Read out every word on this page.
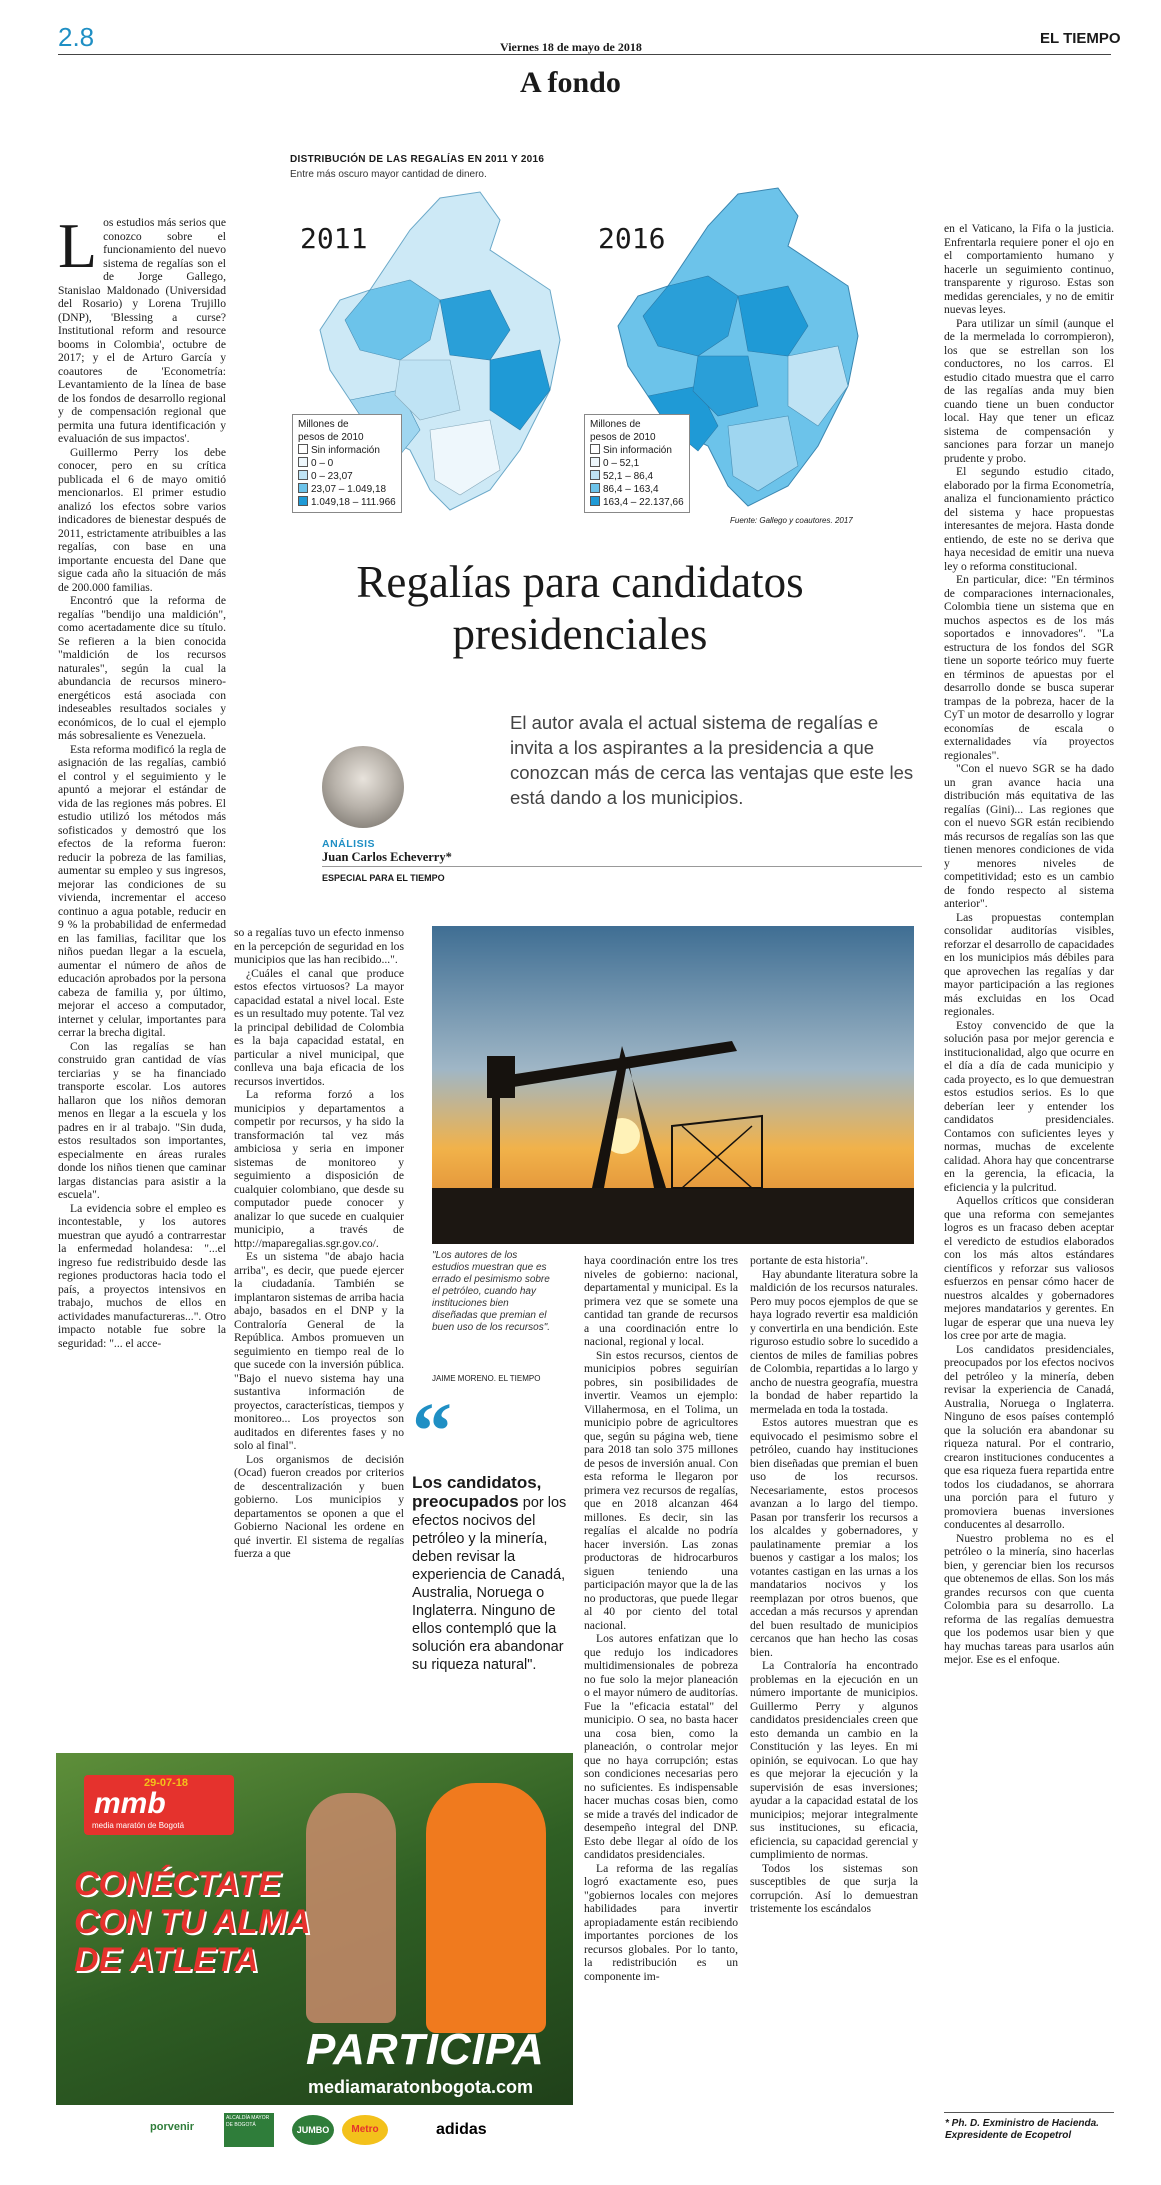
2.8	Viernes 18 de mayo de 2018	EL TIEMPO
A fondo
DISTRIBUCIÓN DE LAS REGALÍAS EN 2011 Y 2016
Entre más oscuro mayor cantidad de dinero.
2011	2016
Millones de
pesos de 2010
Sin información
0 – 0
0 – 23,07
23,07 – 1.049,18
1.049,18 – 111.966
Millones de
pesos de 2010
Sin información
0 – 52,1
52,1 – 86,4
86,4 – 163,4
163,4 – 22.137,66
Fuente: Gallego y coautores. 2017
Regalías para candidatos
presidenciales
El autor avala el actual sistema de regalías e invita a los aspirantes a la presidencia a que conozcan más de cerca las ventajas que este les está dando a los municipios.
ANÁLISIS
Juan Carlos Echeverry*
ESPECIAL PARA EL TIEMPO
L os estudios más serios que conozco sobre el funcionamiento del nuevo sistema de regalías son el de Jorge Gallego, Stanislao Maldonado (Universidad del Rosario) y Lorena Trujillo (DNP), 'Blessing a curse? Institutional reform and resource booms in Colombia', octubre de 2017; y el de Arturo García y coautores de 'Econometría: Levantamiento de la línea de base de los fondos de desarrollo regional y de compensación regional que permita una futura identificación y evaluación de sus impactos'.

Guillermo Perry los debe conocer, pero en su crítica publicada el 6 de mayo omitió mencionarlos. El primer estudio analizó los efectos sobre varios indicadores de bienestar después de 2011, estrictamente atribuibles a las regalías, con base en una importante encuesta del Dane que sigue cada año la situación de más de 200.000 familias.

Encontró que la reforma de regalías "bendijo una maldición", como acertadamente dice su título. Se refieren a la bien conocida "maldición de los recursos naturales", según la cual la abundancia de recursos minero-energéticos está asociada con indeseables resultados sociales y económicos, de lo cual el ejemplo más sobresaliente es Venezuela.

Esta reforma modificó la regla de asignación de las regalías, cambió el control y el seguimiento y le apuntó a mejorar el estándar de vida de las regiones más pobres. El estudio utilizó los métodos más sofisticados y demostró que los efectos de la reforma fueron: reducir la pobreza de las familias, aumentar su empleo y sus ingresos, mejorar las condiciones de su vivienda, incrementar el acceso continuo a agua potable, reducir en 9 % la probabilidad de enfermedad en las familias, facilitar que los niños puedan llegar a la escuela, aumentar el número de años de educación aprobados por la persona cabeza de familia y, por último, mejorar el acceso a computador, internet y celular, importantes para cerrar la brecha digital.

Con las regalías se han construido gran cantidad de vías terciarias y se ha financiado transporte escolar. Los autores hallaron que los niños demoran menos en llegar a la escuela y los padres en ir al trabajo. "Sin duda, estos resultados son importantes, especialmente en áreas rurales donde los niños tienen que caminar largas distancias para asistir a la escuela".

La evidencia sobre el empleo es incontestable, y los autores muestran que ayudó a contrarrestar la enfermedad holandesa: "...el ingreso fue redistribuido desde las regiones productoras hacia todo el país, a proyectos intensivos en trabajo, muchos de ellos en actividades manufactureras...". Otro impacto notable fue sobre la seguridad: "... el acce-

so a regalías tuvo un efecto inmenso en la percepción de seguridad en los municipios que las han recibido...".

¿Cuáles el canal que produce estos efectos virtuosos? La mayor capacidad estatal a nivel local. Este es un resultado muy potente. Tal vez la principal debilidad de Colombia es la baja capacidad estatal, en particular a nivel municipal, que conlleva una baja eficacia de los recursos invertidos.

La reforma forzó a los municipios y departamentos a competir por recursos, y ha sido la transformación tal vez más ambiciosa y seria en imponer sistemas de monitoreo y seguimiento a disposición de cualquier colombiano, que desde su computador puede conocer y analizar lo que sucede en cualquier municipio, a través de http://maparegalias.sgr.gov.co/.

Es un sistema "de abajo hacia arriba", es decir, que puede ejercer la ciudadanía. También se implantaron sistemas de arriba hacia abajo, basados en el DNP y la Contraloría General de la República. Ambos promueven un seguimiento en tiempo real de lo que sucede con la inversión pública. "Bajo el nuevo sistema hay una sustantiva información de proyectos, características, tiempos y monitoreo... Los proyectos son auditados en diferentes fases y no solo al final".

Los organismos de decisión (Ocad) fueron creados por criterios de descentralización y buen gobierno. Los municipios y departamentos se oponen a que el Gobierno Nacional les ordene en qué invertir. El sistema de regalías fuerza a que

"Los autores de los estudios muestran que es errado el pesimismo sobre el petróleo, cuando hay instituciones bien diseñadas que premian el buen uso de los recursos".
JAIME MORENO. EL TIEMPO
“
Los candidatos, preocupados por los efectos nocivos del petróleo y la minería, deben revisar la experiencia de Canadá, Australia, Noruega o Inglaterra. Ninguno de ellos contempló que la solución era abandonar su riqueza natural".

haya coordinación entre los tres niveles de gobierno: nacional, departamental y municipal. Es la primera vez que se somete una cantidad tan grande de recursos a una coordinación entre lo nacional, regional y local.

Sin estos recursos, cientos de municipios pobres seguirían pobres, sin posibilidades de invertir. Veamos un ejemplo: Villahermosa, en el Tolima, un municipio pobre de agricultores que, según su página web, tiene para 2018 tan solo 375 millones de pesos de inversión anual. Con esta reforma le llegaron por primera vez recursos de regalías, que en 2018 alcanzan 464 millones. Es decir, sin las regalías el alcalde no podría hacer inversión. Las zonas productoras de hidrocarburos siguen teniendo una participación mayor que la de las no productoras, que puede llegar al 40 por ciento del total nacional.

Los autores enfatizan que lo que redujo los indicadores multidimensionales de pobreza no fue solo la mejor planeación o el mayor número de auditorías. Fue la "eficacia estatal" del municipio. O sea, no basta hacer una cosa bien, como la planeación, o controlar mejor que no haya corrupción; estas son condiciones necesarias pero no suficientes. Es indispensable hacer muchas cosas bien, como se mide a través del indicador de desempeño integral del DNP. Esto debe llegar al oído de los candidatos presidenciales.

La reforma de las regalías logró exactamente eso, pues "gobiernos locales con mejores habilidades para invertir apropiadamente están recibiendo importantes porciones de los recursos globales. Por lo tanto, la redistribución es un componente im-

portante de esta historia".

Hay abundante literatura sobre la maldición de los recursos naturales. Pero muy pocos ejemplos de que se haya logrado revertir esa maldición y convertirla en una bendición. Este riguroso estudio sobre lo sucedido a cientos de miles de familias pobres de Colombia, repartidas a lo largo y ancho de nuestra geografía, muestra la bondad de haber repartido la mermelada en toda la tostada.

Estos autores muestran que es equivocado el pesimismo sobre el petróleo, cuando hay instituciones bien diseñadas que premian el buen uso de los recursos. Necesariamente, estos procesos avanzan a lo largo del tiempo. Pasan por transferir los recursos a los alcaldes y gobernadores, y paulatinamente premiar a los buenos y castigar a los malos; los votantes castigan en las urnas a los mandatarios nocivos y los reemplazan por otros buenos, que accedan a más recursos y aprendan del buen resultado de municipios cercanos que han hecho las cosas bien.

La Contraloría ha encontrado problemas en la ejecución en un número importante de municipios. Guillermo Perry y algunos candidatos presidenciales creen que esto demanda un cambio en la Constitución y las leyes. En mi opinión, se equivocan. Lo que hay es que mejorar la ejecución y la supervisión de esas inversiones; ayudar a la capacidad estatal de los municipios; mejorar integralmente sus instituciones, su eficacia, eficiencia, su capacidad gerencial y cumplimiento de normas.

Todos los sistemas son susceptibles de que surja la corrupción. Así lo demuestran tristemente los escándalos

en el Vaticano, la Fifa o la justicia. Enfrentarla requiere poner el ojo en el comportamiento humano y hacerle un seguimiento continuo, transparente y riguroso. Estas son medidas gerenciales, y no de emitir nuevas leyes.

Para utilizar un símil (aunque el de la mermelada lo corrompieron), los que se estrellan son los conductores, no los carros. El estudio citado muestra que el carro de las regalías anda muy bien cuando tiene un buen conductor local. Hay que tener un eficaz sistema de compensación y sanciones para forzar un manejo prudente y probo.

El segundo estudio citado, elaborado por la firma Econometría, analiza el funcionamiento práctico del sistema y hace propuestas interesantes de mejora. Hasta donde entiendo, de este no se deriva que haya necesidad de emitir una nueva ley o reforma constitucional.

En particular, dice: "En términos de comparaciones internacionales, Colombia tiene un sistema que en muchos aspectos es de los más soportados e innovadores". "La estructura de los fondos del SGR tiene un soporte teórico muy fuerte en términos de apuestas por el desarrollo donde se busca superar trampas de la pobreza, hacer de la CyT un motor de desarrollo y lograr economías de escala o externalidades vía proyectos regionales".

"Con el nuevo SGR se ha dado un gran avance hacia una distribución más equitativa de las regalías (Gini)... Las regiones que con el nuevo SGR están recibiendo más recursos de regalías son las que tienen menores condiciones de vida y menores niveles de competitividad; esto es un cambio de fondo respecto al sistema anterior".

Las propuestas contemplan consolidar auditorías visibles, reforzar el desarrollo de capacidades en los municipios más débiles para que aprovechen las regalías y dar mayor participación a las regiones más excluidas en los Ocad regionales.

Estoy convencido de que la solución pasa por mejor gerencia e institucionalidad, algo que ocurre en el día a día de cada municipio y cada proyecto, es lo que demuestran estos estudios serios. Es lo que deberían leer y entender los candidatos presidenciales. Contamos con suficientes leyes y normas, muchas de excelente calidad. Ahora hay que concentrarse en la gerencia, la eficacia, la eficiencia y la pulcritud.

Aquellos críticos que consideran que una reforma con semejantes logros es un fracaso deben aceptar el veredicto de estudios elaborados con los más altos estándares científicos y reforzar sus valiosos esfuerzos en pensar cómo hacer de nuestros alcaldes y gobernadores mejores mandatarios y gerentes. En lugar de esperar que una nueva ley los cree por arte de magia.

Los candidatos presidenciales, preocupados por los efectos nocivos del petróleo y la minería, deben revisar la experiencia de Canadá, Australia, Noruega o Inglaterra. Ninguno de esos países contempló que la solución era abandonar su riqueza natural. Por el contrario, crearon instituciones conducentes a que esa riqueza fuera repartida entre todos los ciudadanos, se ahorrara una porción para el futuro y promoviera buenas inversiones conducentes al desarrollo.

Nuestro problema no es el petróleo o la minería, sino hacerlas bien, y gerenciar bien los recursos que obtenemos de ellas. Son los más grandes recursos con que cuenta Colombia para su desarrollo. La reforma de las regalías demuestra que los podemos usar bien y que hay muchas tareas para usarlos aún mejor. Ese es el enfoque.

* Ph. D. Exministro de Hacienda. Expresidente de Ecopetrol
29-07-18
mmb
media maratón de Bogotá
CONÉCTATE
CON TU ALMA
DE ATLETA
PARTICIPA
mediamaratonbogota.com
porvenir
ALCALDÍA MAYOR DE BOGOTÁ	JUMBO	Metro	adidas
